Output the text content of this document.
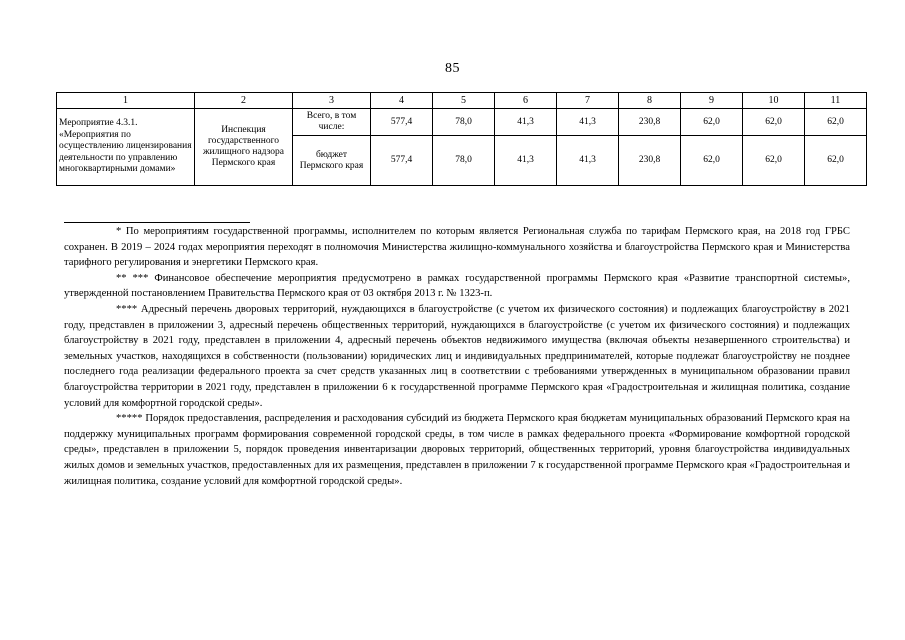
85
1	2	3	4	5	6	7	8	9	10	11
Мероприятие 4.3.1. «Мероприятия по осуществлению лицензирования деятельности по управлению многоквартирными домами»	Инспекция государственного жилищного надзора Пермского края	Всего, в том числе:	577,4	78,0	41,3	41,3	230,8	62,0	62,0	62,0
		бюджет Пермского края	577,4	78,0	41,3	41,3	230,8	62,0	62,0	62,0

* По мероприятиям государственной программы, исполнителем по которым является Региональная служба по тарифам Пермского края, на 2018 год ГРБС сохранен. В 2019 – 2024 годах мероприятия переходят в полномочия Министерства жилищно-коммунального хозяйства и благоустройства Пермского края и Министерства тарифного регулирования и энергетики Пермского края.

** *** Финансовое обеспечение мероприятия предусмотрено в рамках государственной программы Пермского края «Развитие транспортной системы», утвержденной постановлением Правительства Пермского края от 03 октября 2013 г. № 1323-п.

**** Адресный перечень дворовых территорий, нуждающихся в благоустройстве (с учетом их физического состояния) и подлежащих благоустройству в 2021 году, представлен в приложении 3, адресный перечень общественных территорий, нуждающихся в благоустройстве (с учетом их физического состояния) и подлежащих благоустройству в 2021 году, представлен в приложении 4, адресный перечень объектов недвижимого имущества (включая объекты незавершенного строительства) и земельных участков, находящихся в собственности (пользовании) юридических лиц и индивидуальных предпринимателей, которые подлежат благоустройству не позднее последнего года реализации федерального проекта за счет средств указанных лиц в соответствии с требованиями утвержденных в муниципальном образовании правил благоустройства территории в 2021 году, представлен в приложении 6 к государственной программе Пермского края «Градостроительная и жилищная политика, создание условий для комфортной городской среды».

***** Порядок предоставления, распределения и расходования субсидий из бюджета Пермского края бюджетам муниципальных образований Пермского края на поддержку муниципальных программ формирования современной городской среды, в том числе в рамках федерального проекта «Формирование комфортной городской среды», представлен в приложении 5, порядок проведения инвентаризации дворовых территорий, общественных территорий, уровня благоустройства индивидуальных жилых домов и земельных участков, предоставленных для их размещения, представлен в приложении 7 к государственной программе Пермского края «Градостроительная и жилищная политика, создание условий для комфортной городской среды».
